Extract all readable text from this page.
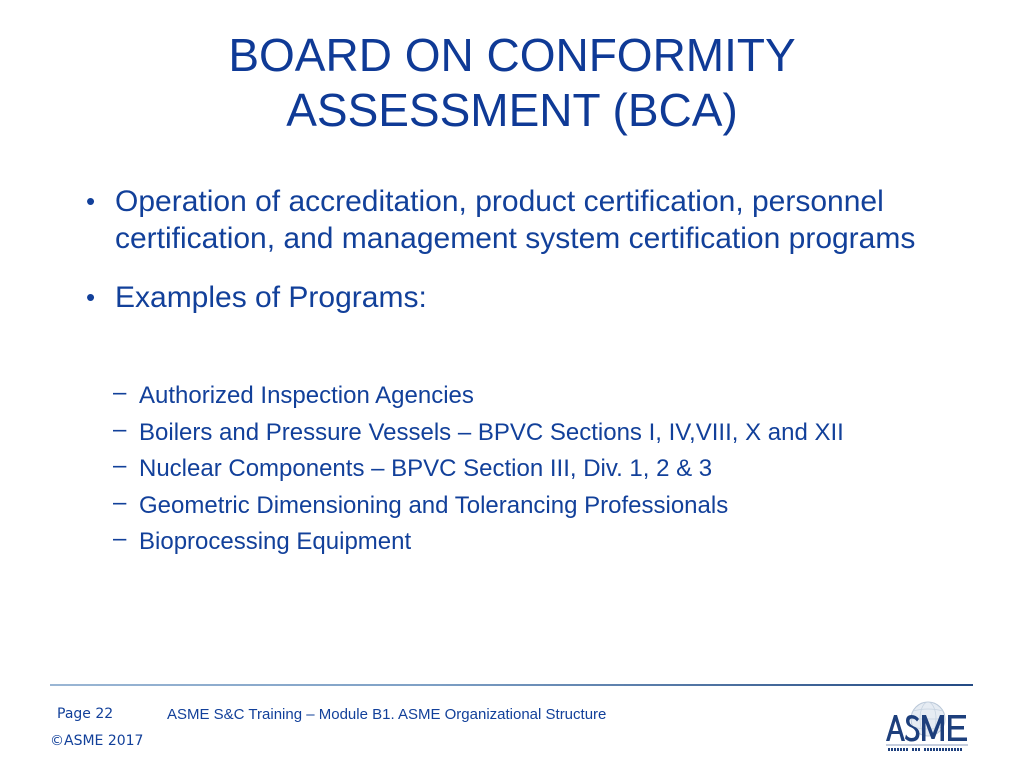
BOARD ON CONFORMITY
ASSESSMENT (BCA)
• Operation of accreditation, product certification, personnel certification, and management system certification programs
• Examples of Programs:
– Authorized Inspection Agencies
– Boilers and Pressure Vessels – BPVC Sections I, IV,VIII, X and XII
– Nuclear Components – BPVC Section III, Div. 1, 2 & 3
– Geometric Dimensioning and Tolerancing Professionals
– Bioprocessing Equipment
Page 22	ASME S&C Training – Module B1. ASME Organizational Structure
©ASME 2017
